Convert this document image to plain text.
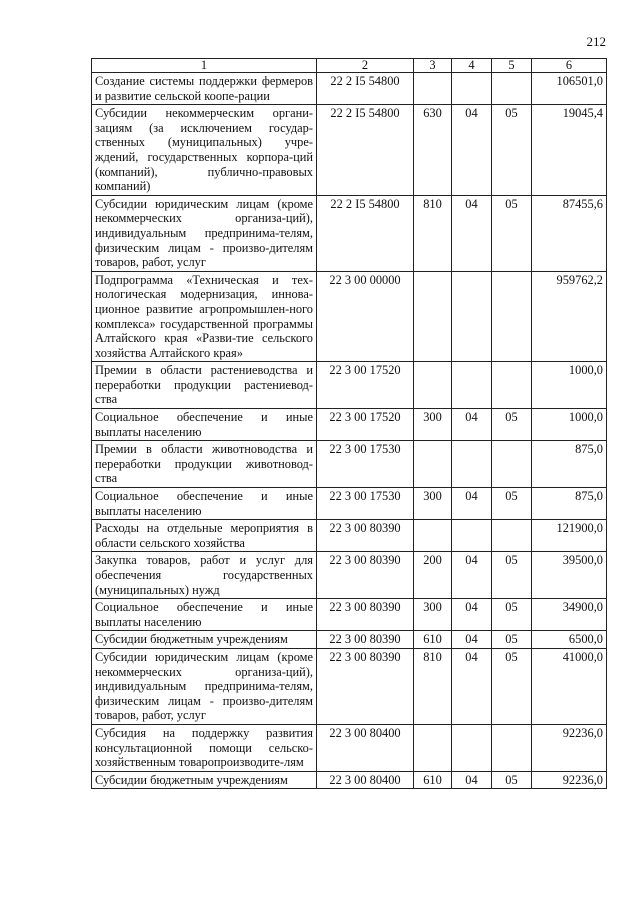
212
1	2	3	4	5	6
Создание системы поддержки фермеров и развитие сельской коопе-рации	22 2 I5 54800				106501,0
Субсидии некоммерческим органи-зациям (за исключением государ-ственных (муниципальных) учре-ждений, государственных корпора-ций (компаний), публично-правовых компаний)	22 2 I5 54800	630	04	05	19045,4
Субсидии юридическим лицам (кроме некоммерческих организа-ций), индивидуальным предпринима-телям, физическим лицам - произво-дителям товаров, работ, услуг	22 2 I5 54800	810	04	05	87455,6
Подпрограмма «Техническая и тех-нологическая модернизация, иннова-ционное развитие агропромышлен-ного комплекса» государственной программы Алтайского края «Разви-тие сельского хозяйства Алтайского края»	22 3 00 00000				959762,2
Премии в области растениеводства и переработки продукции растениевод-ства	22 3 00 17520				1000,0
Социальное обеспечение и иные выплаты населению	22 3 00 17520	300	04	05	1000,0
Премии в области животноводства и переработки продукции животновод-ства	22 3 00 17530				875,0
Социальное обеспечение и иные выплаты населению	22 3 00 17530	300	04	05	875,0
Расходы на отдельные мероприятия в области сельского хозяйства	22 3 00 80390				121900,0
Закупка товаров, работ и услуг для обеспечения государственных (муниципальных) нужд	22 3 00 80390	200	04	05	39500,0
Социальное обеспечение и иные выплаты населению	22 3 00 80390	300	04	05	34900,0
Субсидии бюджетным учреждениям	22 3 00 80390	610	04	05	6500,0
Субсидии юридическим лицам (кроме некоммерческих организа-ций), индивидуальным предпринима-телям, физическим лицам - произво-дителям товаров, работ, услуг	22 3 00 80390	810	04	05	41000,0
Субсидия на поддержку развития консультационной помощи сельско-хозяйственным товаропроизводите-лям	22 3 00 80400				92236,0
Субсидии бюджетным учреждениям	22 3 00 80400	610	04	05	92236,0
